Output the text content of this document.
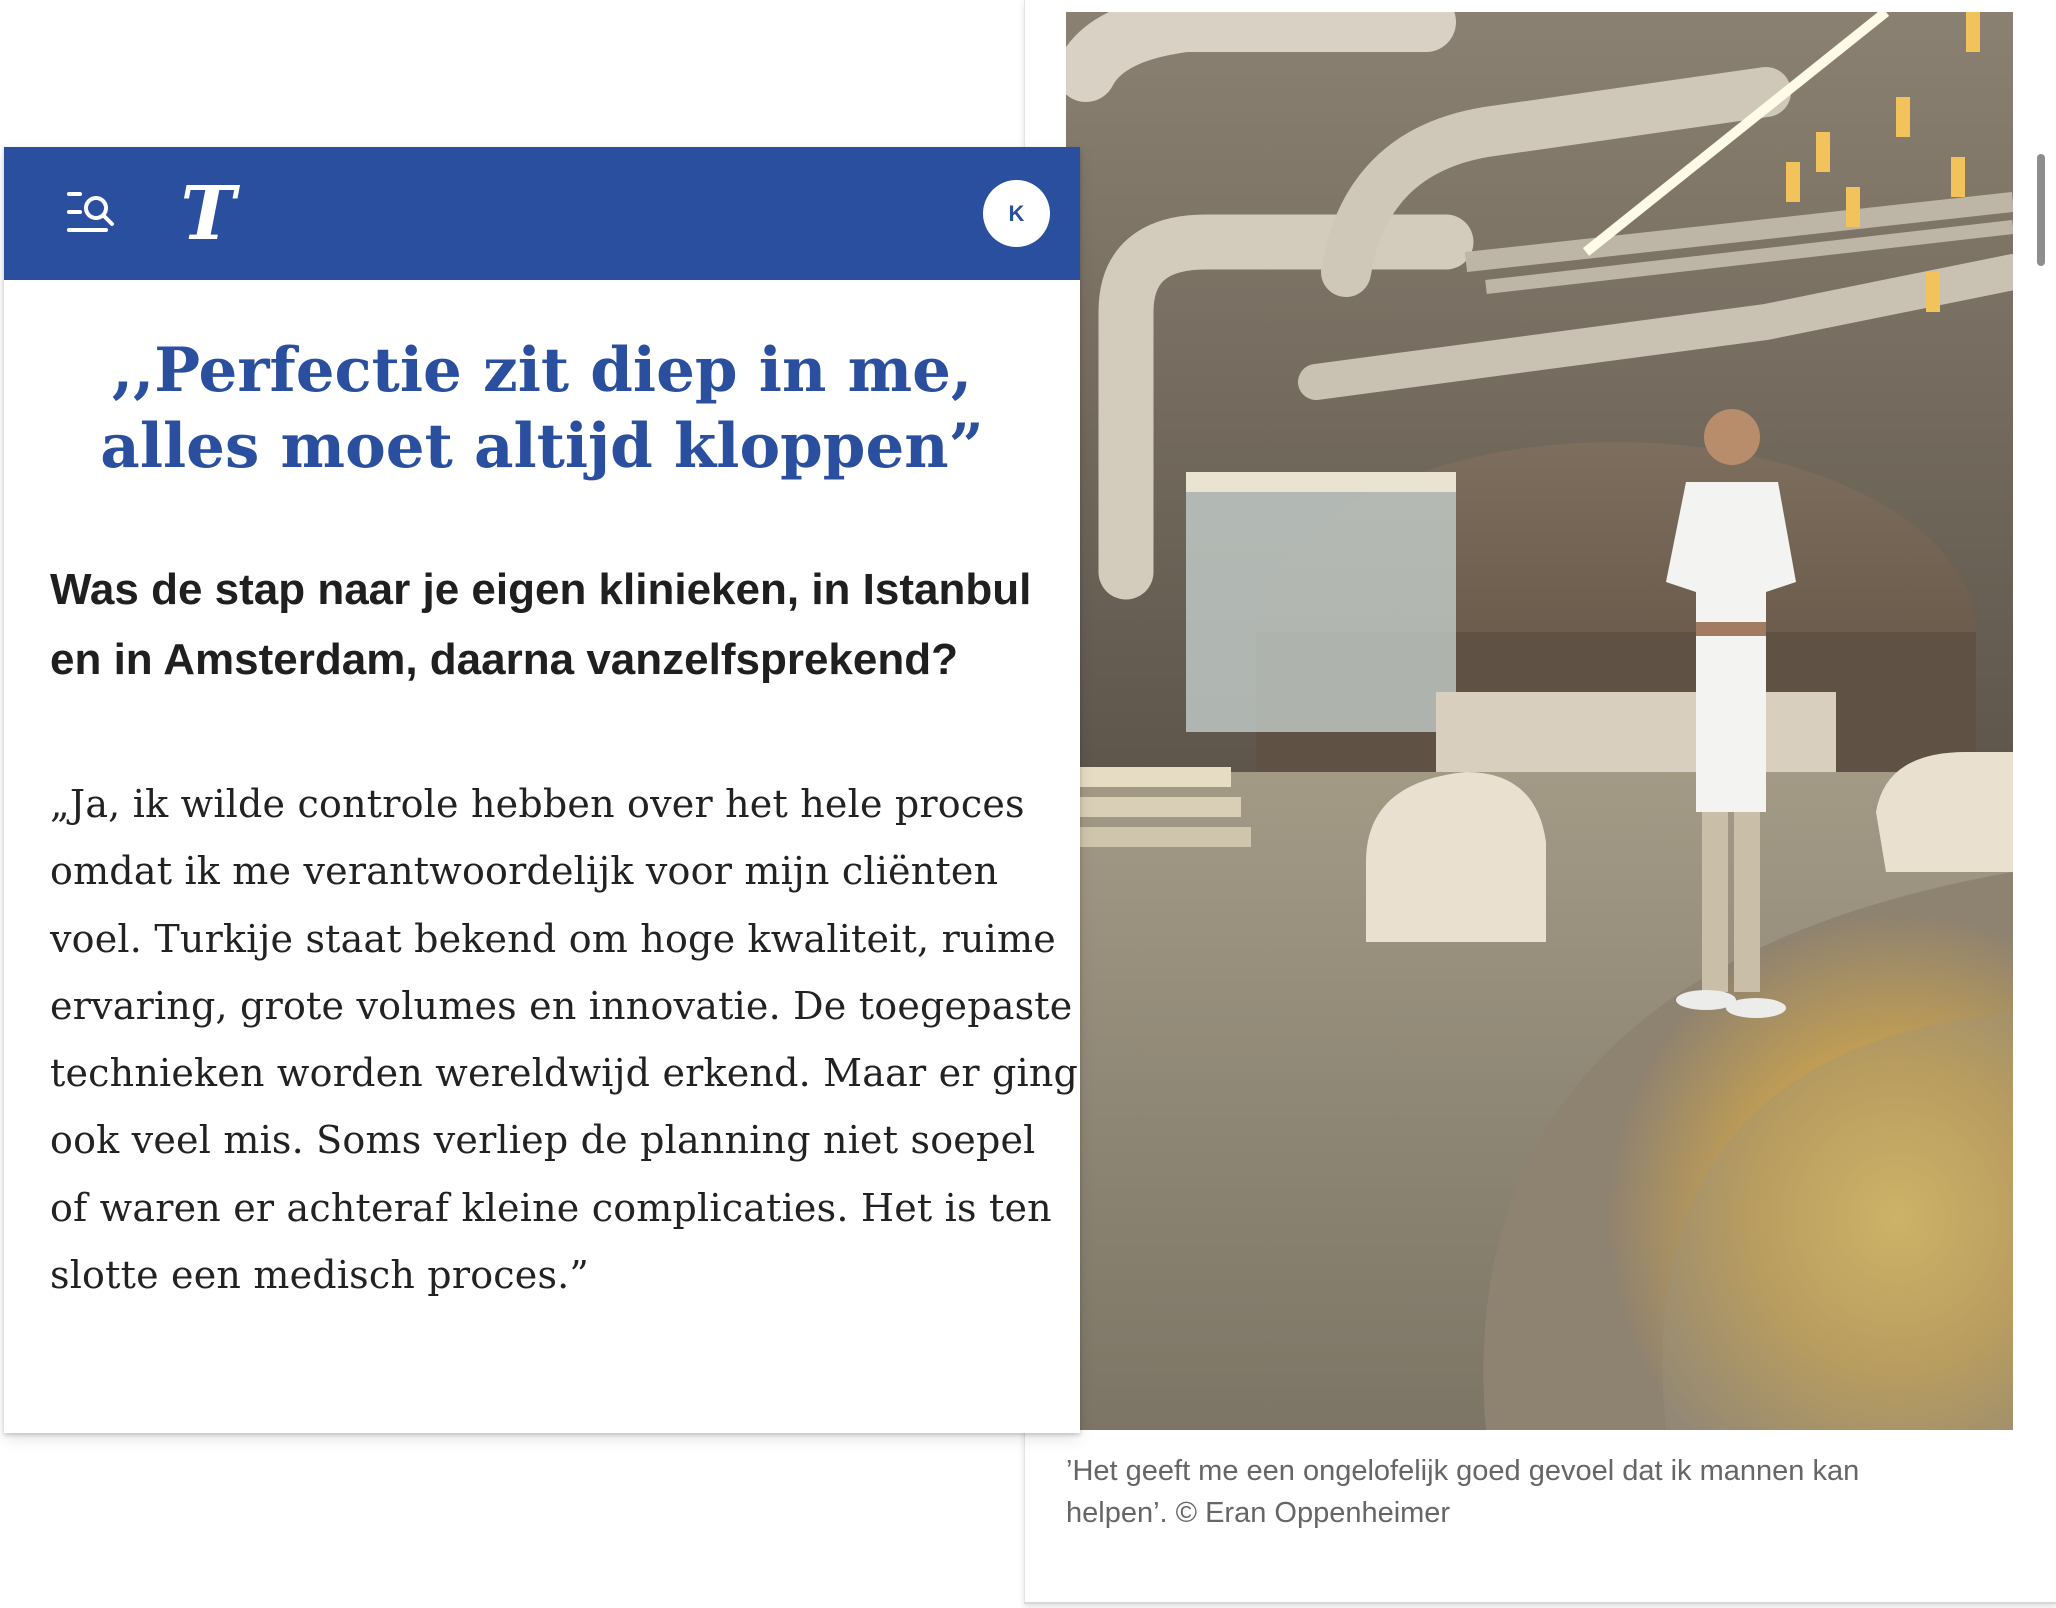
’Het geeft me een ongelofelijk goed gevoel dat ik mannen kan helpen’. © Eran Oppenheimer

T	K
,,Perfectie zit diep in me, alles moet altijd kloppen”
Was de stap naar je eigen klinieken, in Istanbul en in Amsterdam, daarna vanzelfsprekend?

„Ja, ik wilde controle hebben over het hele proces omdat ik me verantwoordelijk voor mijn cliënten voel. Turkije staat bekend om hoge kwaliteit, ruime ervaring, grote volumes en innovatie. De toegepaste technieken worden wereldwijd erkend. Maar er ging ook veel mis. Soms verliep de planning niet soepel of waren er achteraf kleine complicaties. Het is ten slotte een medisch proces.”
